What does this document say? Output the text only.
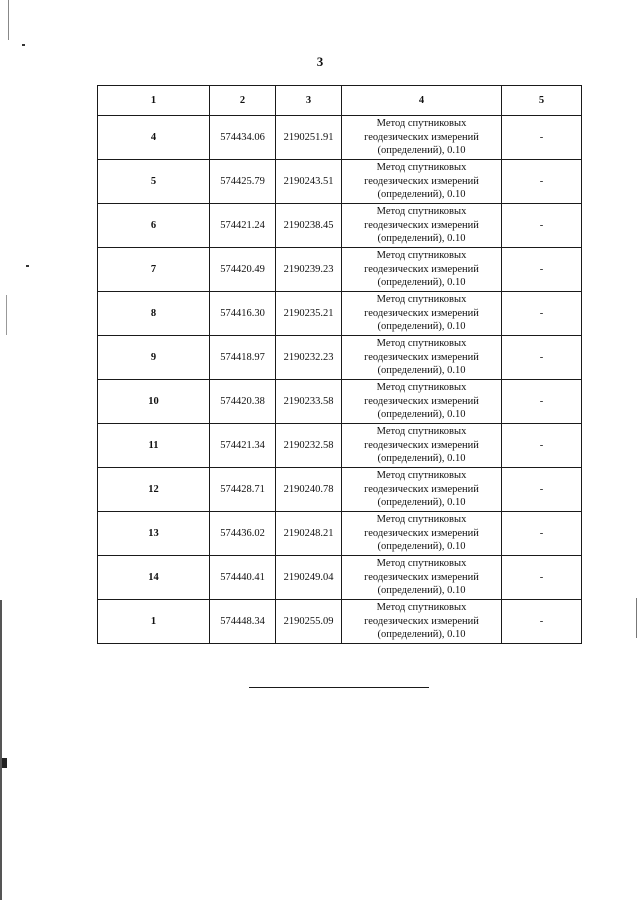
3
1	2	3	4	5
4	574434.06	2190251.91	Метод спутниковых
геодезических измерений
(определений), 0.10	-
5	574425.79	2190243.51	Метод спутниковых
геодезических измерений
(определений), 0.10	-
6	574421.24	2190238.45	Метод спутниковых
геодезических измерений
(определений), 0.10	-
7	574420.49	2190239.23	Метод спутниковых
геодезических измерений
(определений), 0.10	-
8	574416.30	2190235.21	Метод спутниковых
геодезических измерений
(определений), 0.10	-
9	574418.97	2190232.23	Метод спутниковых
геодезических измерений
(определений), 0.10	-
10	574420.38	2190233.58	Метод спутниковых
геодезических измерений
(определений), 0.10	-
11	574421.34	2190232.58	Метод спутниковых
геодезических измерений
(определений), 0.10	-
12	574428.71	2190240.78	Метод спутниковых
геодезических измерений
(определений), 0.10	-
13	574436.02	2190248.21	Метод спутниковых
геодезических измерений
(определений), 0.10	-
14	574440.41	2190249.04	Метод спутниковых
геодезических измерений
(определений), 0.10	-
1	574448.34	2190255.09	Метод спутниковых
геодезических измерений
(определений), 0.10	-
